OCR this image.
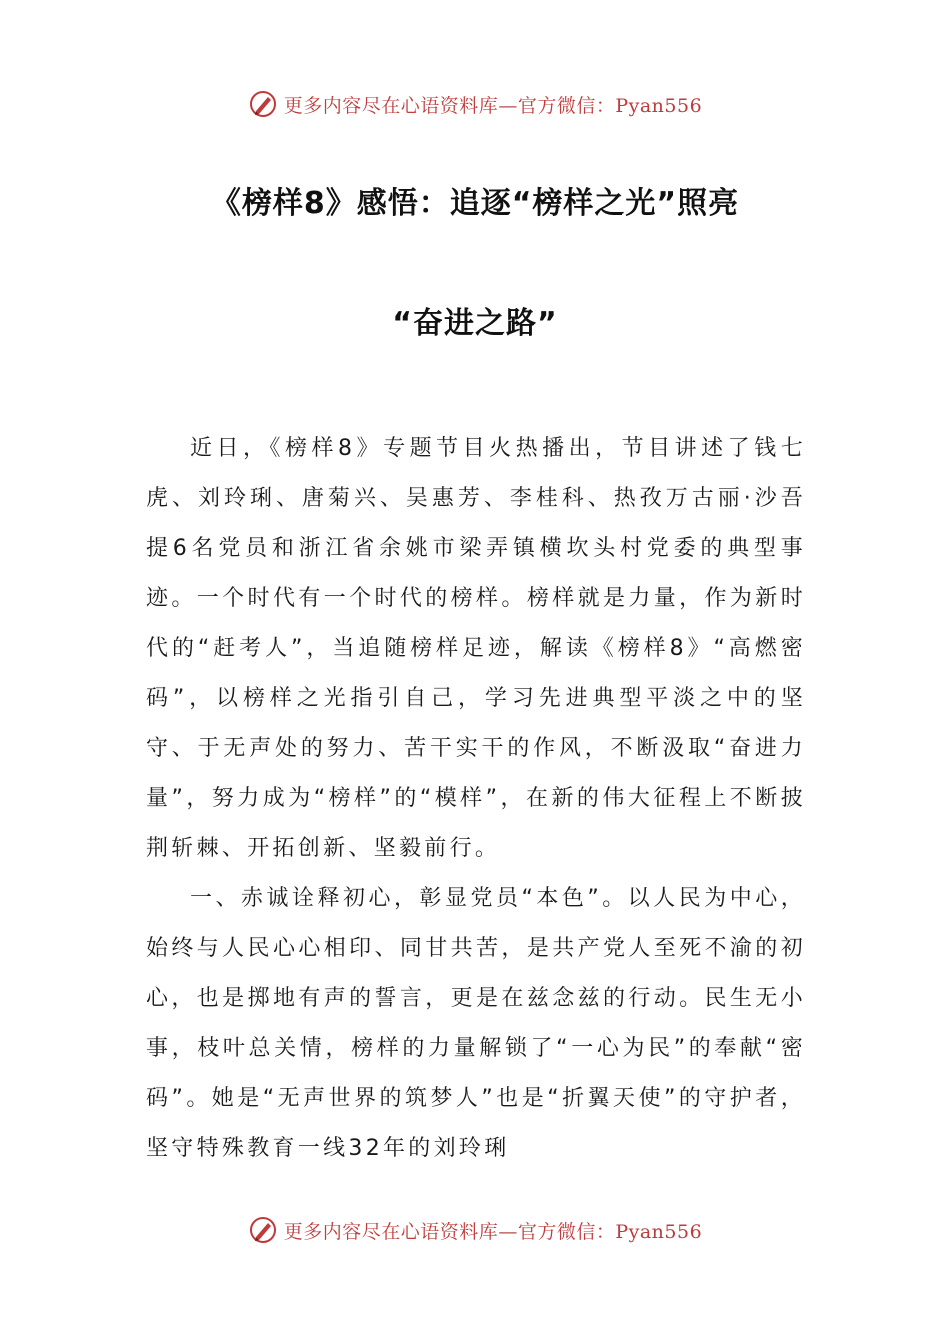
更多内容尽在心语资料库—官方微信：Pyan556
《榜样8》感悟：追逐“榜样之光”照亮
“奋进之路”

近日，《榜样8》专题节目火热播出，节目讲述了钱七虎、刘玲琍、唐菊兴、吴惠芳、李桂科、热孜万古丽·沙吾提6名党员和浙江省余姚市梁弄镇横坎头村党委的典型事迹。一个时代有一个时代的榜样。榜样就是力量，作为新时代的“赶考人”，当追随榜样足迹，解读《榜样8》“高燃密码”，以榜样之光指引自己，学习先进典型平淡之中的坚守、于无声处的努力、苦干实干的作风，不断汲取“奋进力量”，努力成为“榜样”的“模样”，在新的伟大征程上不断披荆斩棘、开拓创新、坚毅前行。

一、赤诚诠释初心，彰显党员“本色”。以人民为中心，始终与人民心心相印、同甘共苦，是共产党人至死不渝的初心，也是掷地有声的誓言，更是在兹念兹的行动。民生无小事，枝叶总关情，榜样的力量解锁了“一心为民”的奉献“密码”。她是“无声世界的筑梦人”也是“折翼天使”的守护者，坚守特殊教育一线32年的刘玲琍

更多内容尽在心语资料库—官方微信：Pyan556
